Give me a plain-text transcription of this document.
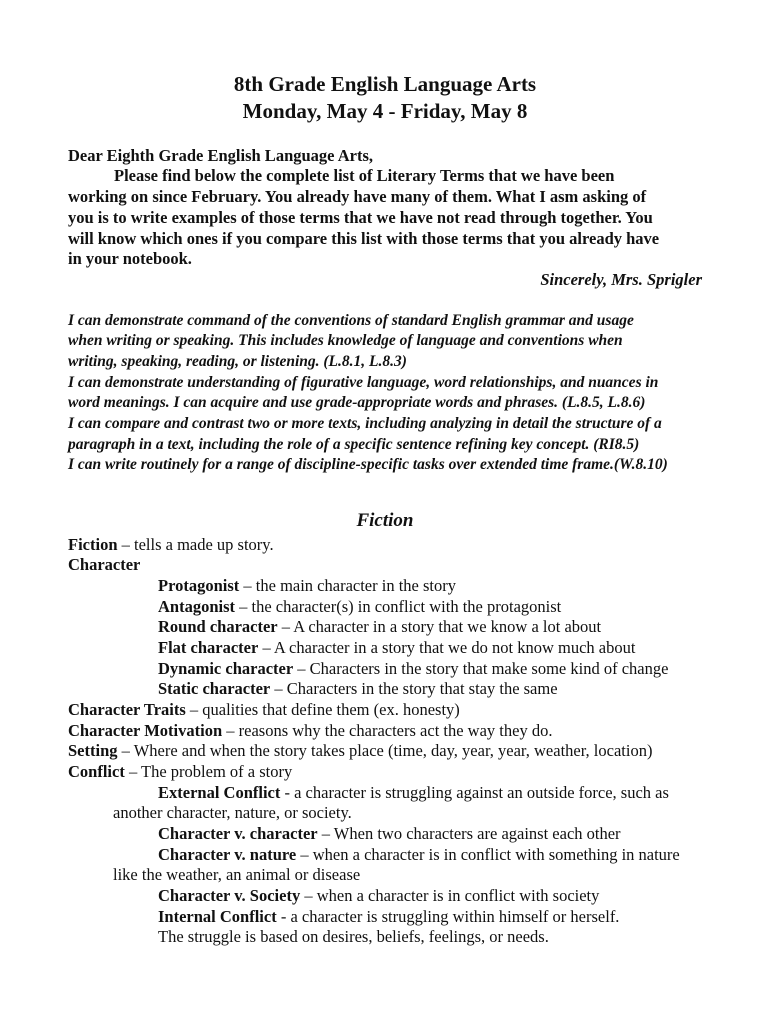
8th Grade English Language Arts
Monday, May 4 - Friday, May 8
Dear Eighth Grade English Language Arts,
Please find below the complete list of Literary Terms that we have been
working on since February. You already have many of them. What I asm asking of
you is to write examples of those terms that we have not read through together. You
will know which ones if you compare this list with those terms that you already have
in your notebook.
Sincerely, Mrs. Sprigler
I can demonstrate command of the conventions of standard English grammar and usage
when writing or speaking. This includes knowledge of language and conventions when
writing, speaking, reading, or listening. (L.8.1, L.8.3)
I can demonstrate understanding of figurative language, word relationships, and nuances in
word meanings. I can acquire and use grade-appropriate words and phrases. (L.8.5, L.8.6)
I can compare and contrast two or more texts, including analyzing in detail the structure of a
paragraph in a text, including the role of a specific sentence refining key concept. (RI8.5)
I can write routinely for a range of discipline-specific tasks over extended time frame.(W.8.10)
Fiction
Fiction – tells a made up story.
Character
Protagonist – the main character in the story
Antagonist – the character(s) in conflict with the protagonist
Round character – A character in a story that we know a lot about
Flat character – A character in a story that we do not know much about
Dynamic character – Characters in the story that make some kind of change
Static character – Characters in the story that stay the same
Character Traits – qualities that define them (ex. honesty)
Character Motivation – reasons why the characters act the way they do.
Setting – Where and when the story takes place (time, day, year, year, weather, location)
Conflict – The problem of a story
External Conflict - a character is struggling against an outside force, such as
another character, nature, or society.
Character v. character – When two characters are against each other
Character v. nature – when a character is in conflict with something in nature
like the weather, an animal or disease
Character v. Society – when a character is in conflict with society
Internal Conflict - a character is struggling within himself or herself.
The struggle is based on desires, beliefs, feelings, or needs.
